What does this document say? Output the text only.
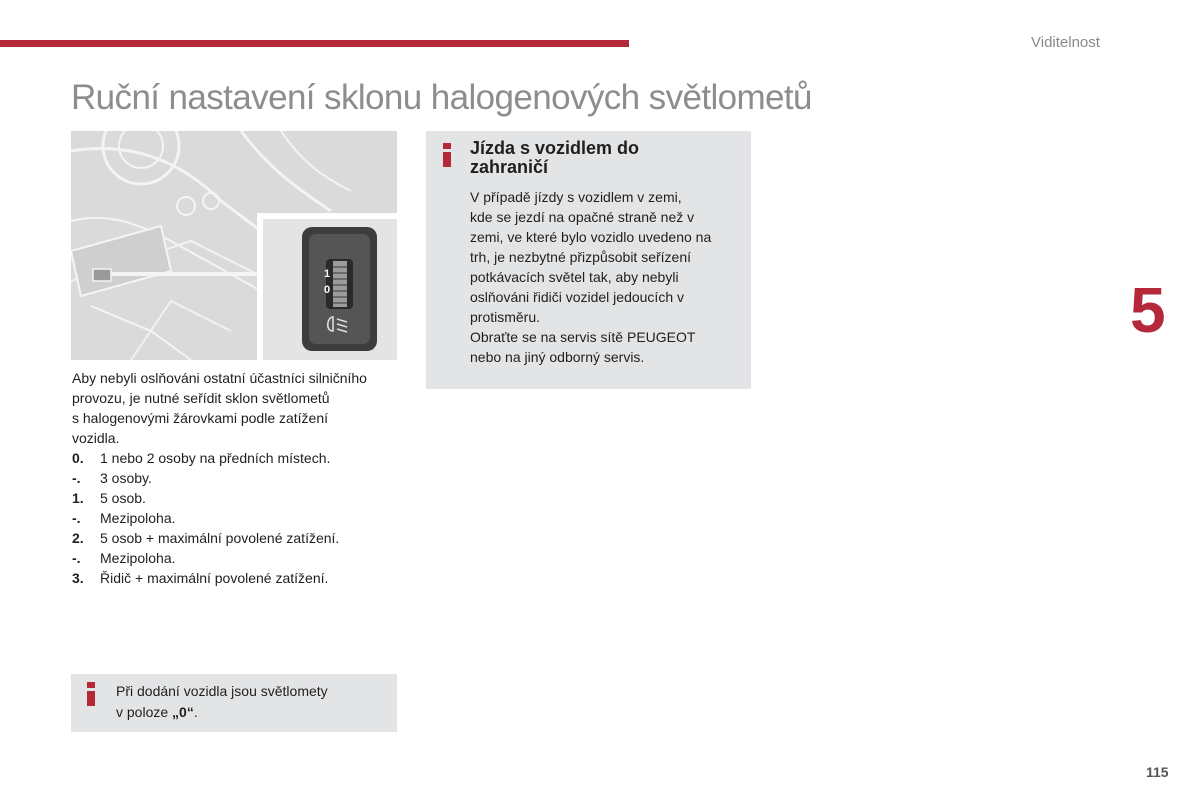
Viditelnost
Ruční nastavení sklonu halogenových světlometů
1
0

Aby nebyli oslňováni ostatní účastníci silničního
provozu, je nutné seřídit sklon světlometů
s halogenovými žárovkami podle zatížení
vozidla.

0.	1 nebo 2 osoby na předních místech.
-.	3 osoby.
1.	5 osob.
-.	Mezipoloha.
2.	5 osob + maximální povolené zatížení.
-.	Mezipoloha.
3.	Řidič + maximální povolené zatížení.

Při dodání vozidla jsou světlomety
v poloze „0“.

Jízda s vozidlem do
zahraničí

V případě jízdy s vozidlem v zemi,
kde se jezdí na opačné straně než v
zemi, ve které bylo vozidlo uvedeno na
trh, je nezbytné přizpůsobit seřízení
potkávacích světel tak, aby nebyli
oslňováni řidiči vozidel jedoucích v
protisměru.
Obraťte se na servis sítě PEUGEOT
nebo na jiný odborný servis.

5
115
